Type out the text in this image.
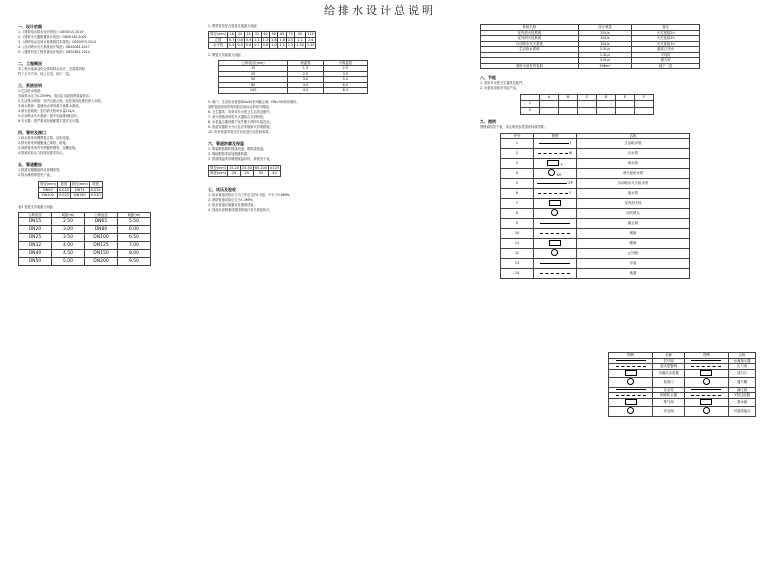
给排水设计总说明
一、设计依据
1.《建筑给水排水设计规范》GB50015-2019
2.《建筑灭火器配置设计规范》GB50140-2005
3.《消防给水及消火栓系统技术规范》GB50974-2014
4.《自动喷水灭火系统设计规范》GB50084-2017
5.《建筑机电工程抗震设计规范》GB50981-2014
二、工程概况
本工程为某商业综合体给排水设计，总建筑面积
约三万平方米，地上五层，地下一层。
三、系统说明
1.生活给水系统：
市政供水压力0.20MPa，低区由市政管网直接供水。
2.生活排水系统：室内污废合流，经化粪池处理后排入市政。
3.雨水系统：屋面雨水采用重力流排水系统。
4.消火栓系统：室内消火栓用水量20L/s。
5.自动喷水灭火系统：按中危险级II级设计。
6.灭火器：按严重危险级配置手提式灭火器。
四、管材及接口
1.给水管采用钢塑复合管，丝扣连接。
2.排水管采用硬聚氯乙烯管，粘接。
3.消防管采用内外热镀锌钢管，沟槽连接。
4.管道试验压力按规范要求执行。
五、管道敷设
1.管道穿越楼板时应设钢套管。
2.排水横管坡度见下表。
管径(mm)	坡度	管径(mm)	坡度
DN50	0.035	DN75	0.025
DN100	0.020	DN150	0.010
表1 管道支吊架最大间距
公称直径	间距(m)	公称直径	间距(m)
DN15	2.50	DN65	5.50
DN20	3.00	DN80	6.00
DN25	3.50	DN100	6.50
DN32	4.00	DN125	7.00
DN40	4.50	DN150	8.00
DN50	5.00	DN200	9.50
1. 塑料管及复合管道支架最大间距
管径(mm)	16	20	25	32	40	50	63	75	90	110
立管	0.7	0.8	0.9	1.1	1.3	1.6	1.8	2.0	2.2	2.4
水平管	0.4	0.5	0.6	0.7	0.8	1.0	1.1	1.2	1.35	1.55
2. 钢管支吊架最大间距
公称直径(mm)	保温管	不保温管
15	1.5	2.5
25	2.0	3.5
50	3.0	5.0
80	4.0	6.0
100	4.5	6.5
5. 阀门：生活给水管道DN≤50采用截止阀，DN>50采用闸阀。
消防管道采用带有明显启闭标志的信号蝶阀。
6. 卫生器具：均采用节水型卫生洁具及配件。
7. 消火栓箱采用带灭火器组合式消防柜。
8. 水泵接合器设置于室外便于消防车接近处。
9. 管道穿越防火分区处应采取防火封堵措施。
10. 所有管道安装完毕后应进行冲洗和消毒。
六、管道防腐及保温
1. 明装钢管刷防锈漆两道，银粉漆两道。
2. 埋地钢管采用加强级防腐。
3. 管道保温采用橡塑保温材料，厚度见下表。
管径(mm)	15-20	25-50	65-100	≥125
厚度(mm)	20	25	30	40
七、试压及验收
1. 给水管道试验压力为工作压力的1.5倍，不小于0.6MPa。
2. 消防管道试验压力为1.4MPa。
3. 排水管道应做灌水及通球试验。
4. 其他未说明事项按国家现行有关规范执行。
系统名称	设计流量	备注
室内消火栓系统	20L/s	火灾延续2h
室外消火栓系统	30L/s	火灾延续2h
自动喷水灭火系统	30L/s	火灾延续1h
生活给水系统	2.5L/s	最高日用水
	1.5L/s	平均时
	3.0L/s	最大时
消防水池有效容积	396m³	地下一层
八、节能
1. 采用节水型卫生器具及配件。
2. 水泵选用高效节能产品。
	A	B	C	D	E	F
1						
2						
九、图例
图例说明见下表，未注明者参见国家标准图集。
序号	图例	名称
1	J	生活给水管
2	W	污水管
3	Y	雨水管
4	XH	消火栓给水管
5	ZP	自动喷水灭火给水管
6	F	废水管
7		室内消火栓
8		闭式喷头
9		截止阀
10		闸阀
11		蝶阀
12		止回阀
13		水表
14		地漏
图例	名称	图例	名称
	信号阀		水流指示器
	湿式报警阀		压力表
	末端试水装置		清扫口
	检查口		通气帽
	存水弯		减压阀
	倒流防止器		Y型过滤器
	排气阀		泄水阀
	安全阀		可曲挠接头
